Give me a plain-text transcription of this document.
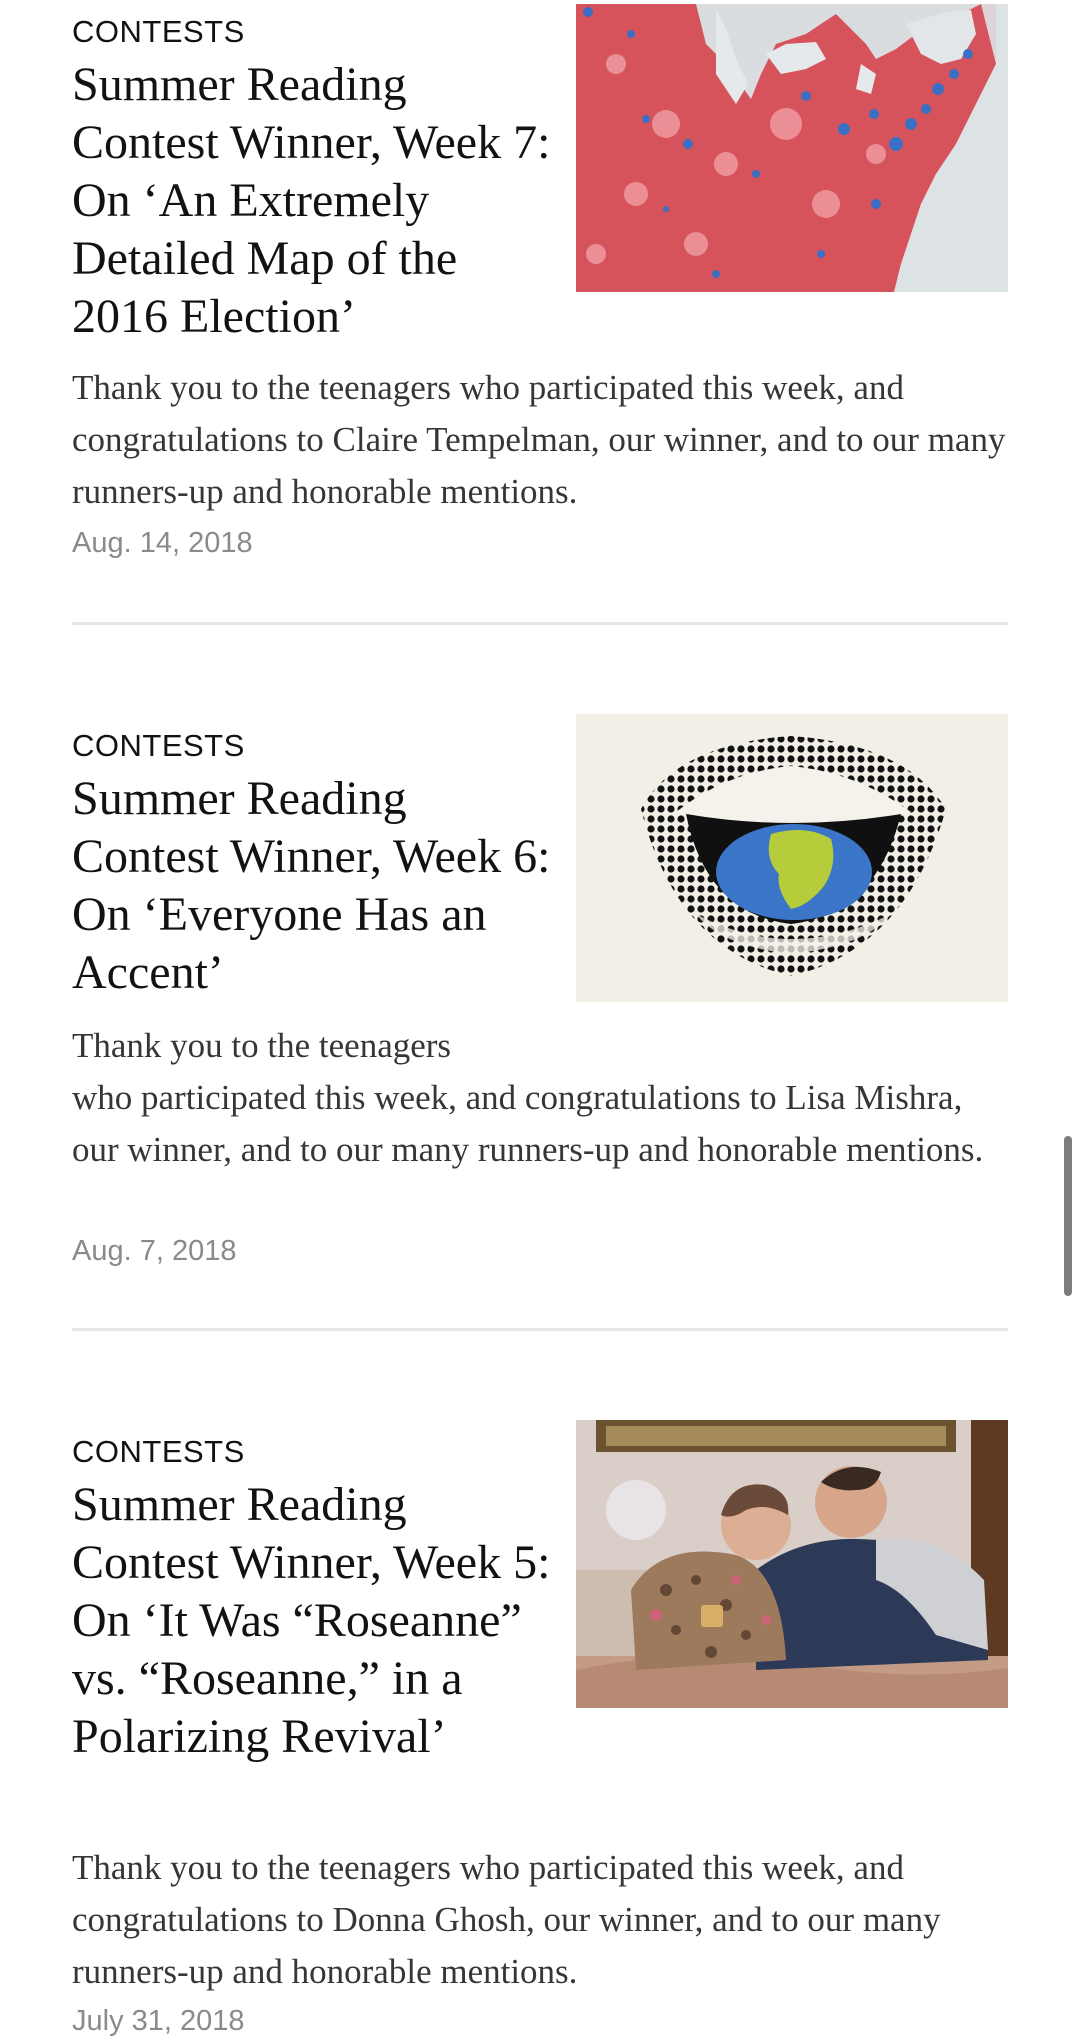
CONTESTS
Summer Reading Contest Winner, Week 7: On ‘An Extremely Detailed Map of the 2016 Election’

Thank you to the teenagers who participated this week, and congratulations to Claire Tempelman, our winner, and to our many runners-up and honorable mentions.

Aug. 14, 2018
CONTESTS
Summer Reading Contest Winner, Week 6: On ‘Everyone Has an Accent’

Thank you to the teenagers
who participated this week, and congratulations to Lisa Mishra, our winner, and to our many runners-up and honorable mentions.

Aug. 7, 2018
CONTESTS
Summer Reading Contest Winner, Week 5: On ‘It Was “Roseanne” vs. “Roseanne,” in a Polarizing Revival’

Thank you to the teenagers who participated this week, and congratulations to Donna Ghosh, our winner, and to our many runners-up and honorable mentions.

July 31, 2018
